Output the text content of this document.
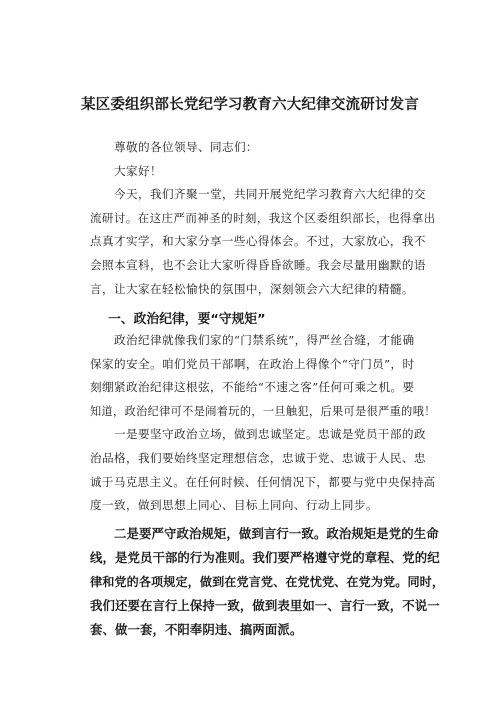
某区委组织部长党纪学习教育六大纪律交流研讨发言
尊敬的各位领导、同志们：
大家好！
今天，我们齐聚一堂，共同开展党纪学习教育六大纪律的交
流研讨。在这庄严而神圣的时刻，我这个区委组织部长，也得拿出
点真才实学，和大家分享一些心得体会。不过，大家放心，我不
会照本宣科，也不会让大家听得昏昏欲睡。我会尽量用幽默的语
言，让大家在轻松愉快的氛围中，深刻领会六大纪律的精髓。
一、政治纪律，要“守规矩”
政治纪律就像我们家的“门禁系统”，得严丝合缝，才能确
保家的安全。咱们党员干部啊，在政治上得像个“守门员”，时
刻绷紧政治纪律这根弦，不能给“不速之客”任何可乘之机。要
知道，政治纪律可不是闹着玩的，一旦触犯，后果可是很严重的哦！
一是要坚守政治立场，做到忠诚坚定。忠诚是党员干部的政
治品格，我们要始终坚定理想信念，忠诚于党、忠诚于人民、忠
诚于马克思主义。在任何时候、任何情况下，都要与党中央保持高
度一致，做到思想上同心、目标上同向、行动上同步。
二是要严守政治规矩，做到言行一致。政治规矩是党的生命
线，是党员干部的行为准则。我们要严格遵守党的章程、党的纪
律和党的各项规定，做到在党言党、在党忧党、在党为党。同时，
我们还要在言行上保持一致，做到表里如一、言行一致，不说一
套、做一套，不阳奉阴违、搞两面派。
